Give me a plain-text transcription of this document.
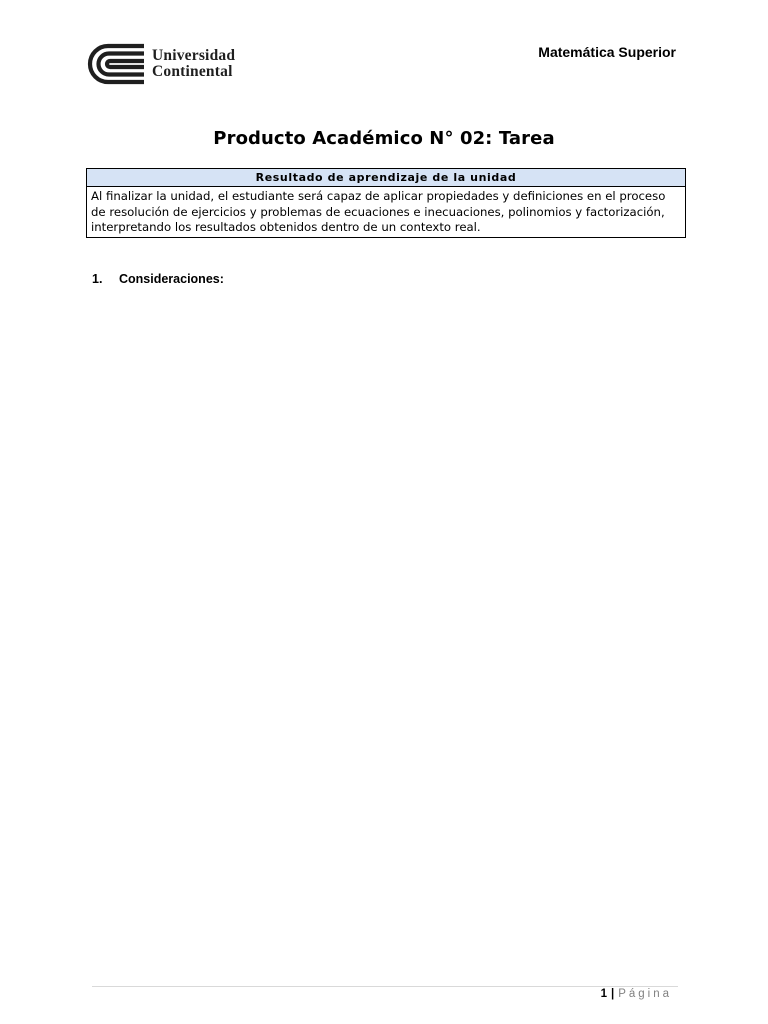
Universidad
Continental
Matemática Superior
Producto Académico N° 02: Tarea
Resultado de aprendizaje de la unidad
Al finalizar la unidad, el estudiante será capaz de aplicar propiedades y definiciones en el proceso de resolución de ejercicios y problemas de ecuaciones e inecuaciones, polinomios y factorización, interpretando los resultados obtenidos dentro de un contexto real.
1.	Consideraciones:
1 | Página
